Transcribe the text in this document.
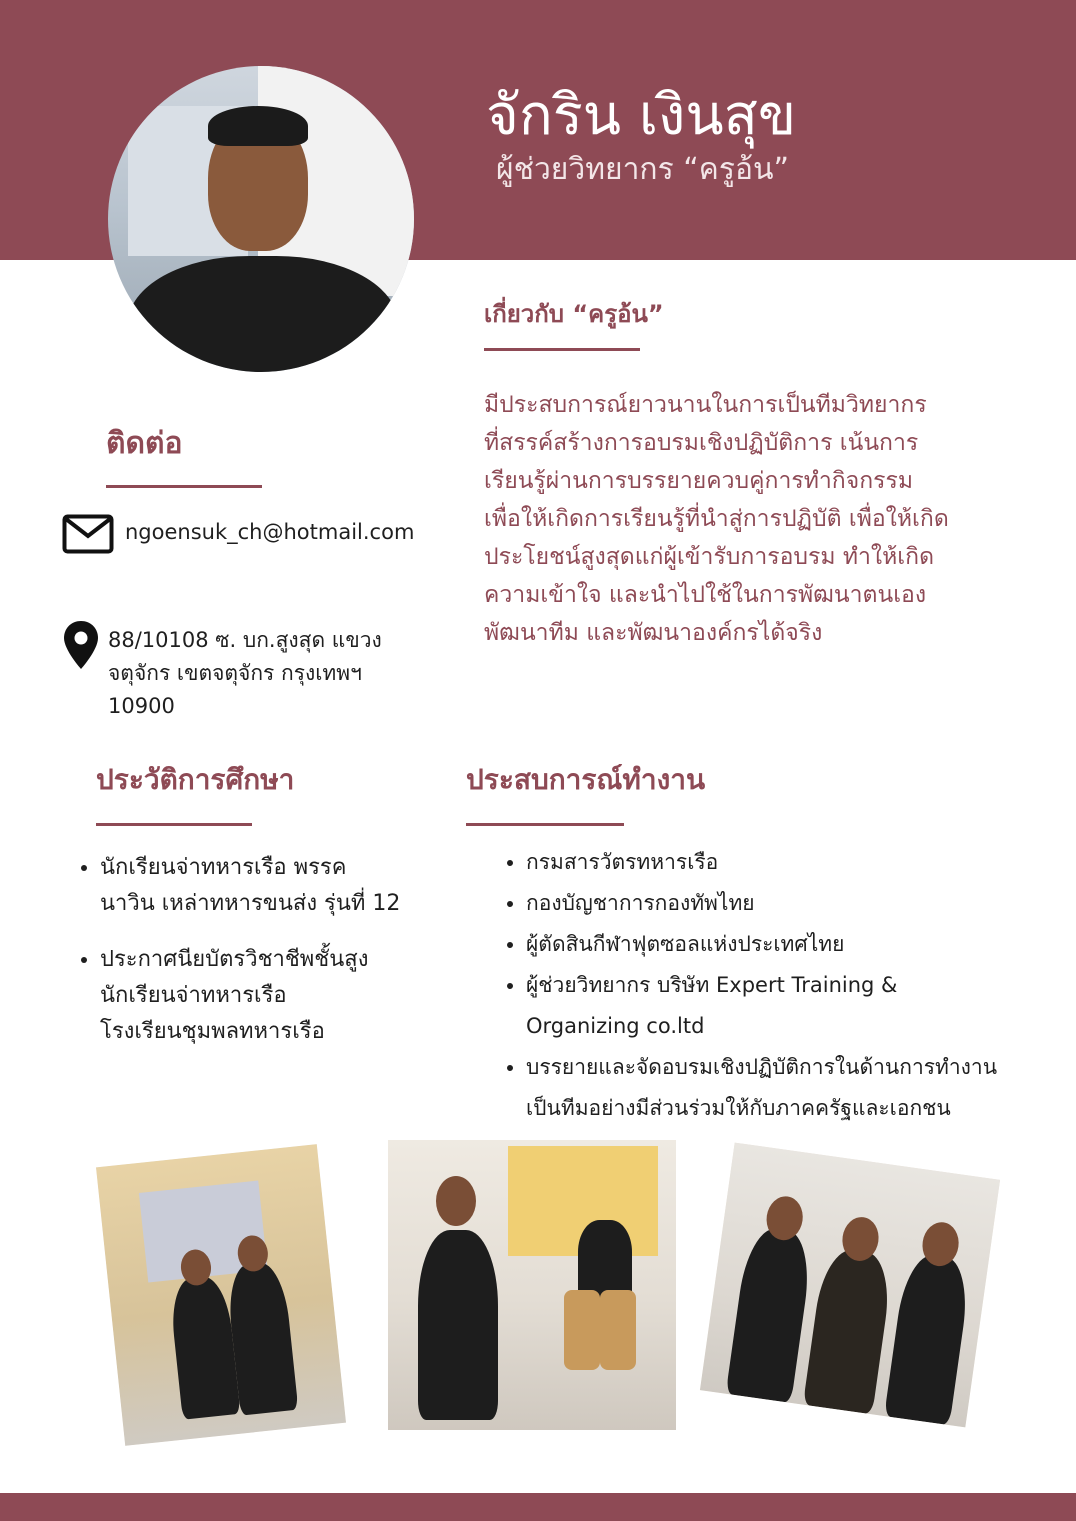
จักริน เงินสุข
ผู้ช่วยวิทยากร “ครูอ้น”
เกี่ยวกับ “ครูอ้น”
มีประสบการณ์ยาวนานในการเป็นทีมวิทยากร
ที่สรรค์สร้างการอบรมเชิงปฏิบัติการ เน้นการ
เรียนรู้ผ่านการบรรยายควบคู่การทำกิจกรรม
เพื่อให้เกิดการเรียนรู้ที่นำสู่การปฏิบัติ เพื่อให้เกิด
ประโยชน์สูงสุดแก่ผู้เข้ารับการอบรม ทำให้เกิด
ความเข้าใจ และนำไปใช้ในการพัฒนาตนเอง
พัฒนาทีม และพัฒนาองค์กรได้จริง
ติดต่อ
ngoensuk_ch@hotmail.com
88/10108 ซ. บก.สูงสุด แขวง
จตุจักร เขตจตุจักร กรุงเทพฯ
10900
ประวัติการศึกษา
• นักเรียนจ่าทหารเรือ พรรค
นาวิน เหล่าทหารขนส่ง รุ่นที่ 12
• ประกาศนียบัตรวิชาชีพชั้นสูง
นักเรียนจ่าทหารเรือ
โรงเรียนชุมพลทหารเรือ
ประสบการณ์ทำงาน
• กรมสารวัตรทหารเรือ
• กองบัญชาการกองทัพไทย
• ผู้ตัดสินกีฬาฟุตซอลแห่งประเทศไทย
• ผู้ช่วยวิทยากร บริษัท Expert Training &
Organizing co.ltd
• บรรยายและจัดอบรมเชิงปฏิบัติการในด้านการทำงาน
เป็นทีมอย่างมีส่วนร่วมให้กับภาคครัฐและเอกชน
